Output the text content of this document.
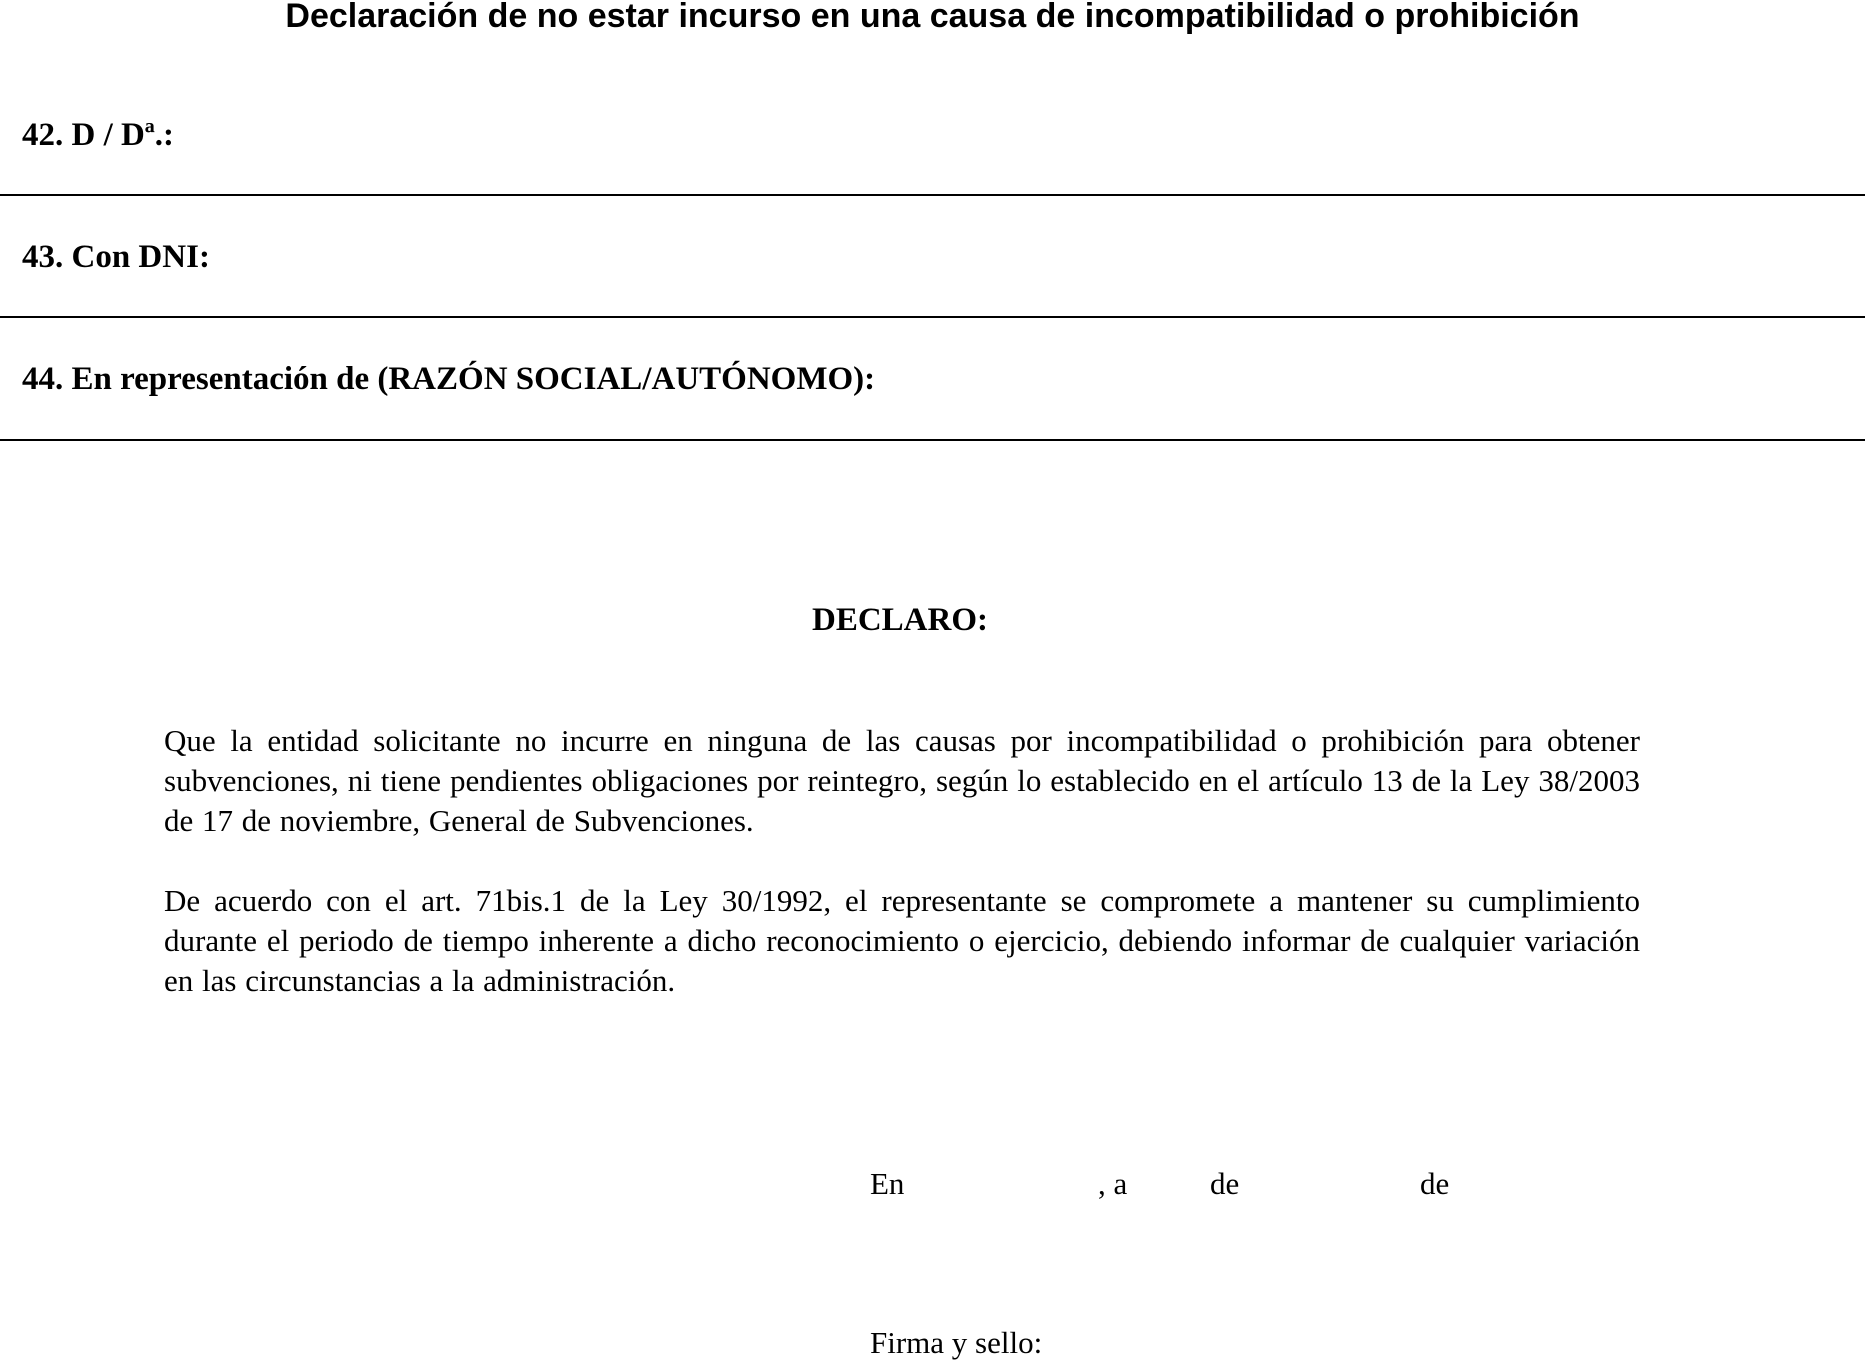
Declaración de no estar incurso en una causa de incompatibilidad o prohibición
42. D / Dª.:
43. Con DNI:
44. En representación de (RAZÓN SOCIAL/AUTÓNOMO):
DECLARO:

Que la entidad solicitante no incurre en ninguna de las causas por incompatibilidad o prohibición para obtener subvenciones, ni tiene pendientes obligaciones por reintegro, según lo establecido en el artículo 13 de la Ley 38/2003 de 17 de noviembre, General de Subvenciones.

De acuerdo con el art. 71bis.1 de la Ley 30/1992, el representante se compromete a mantener su cumplimiento durante el periodo de tiempo inherente a dicho reconocimiento o ejercicio, debiendo informar de cualquier variación en las circunstancias a la administración.

En	, a	de	de
Firma y sello:
